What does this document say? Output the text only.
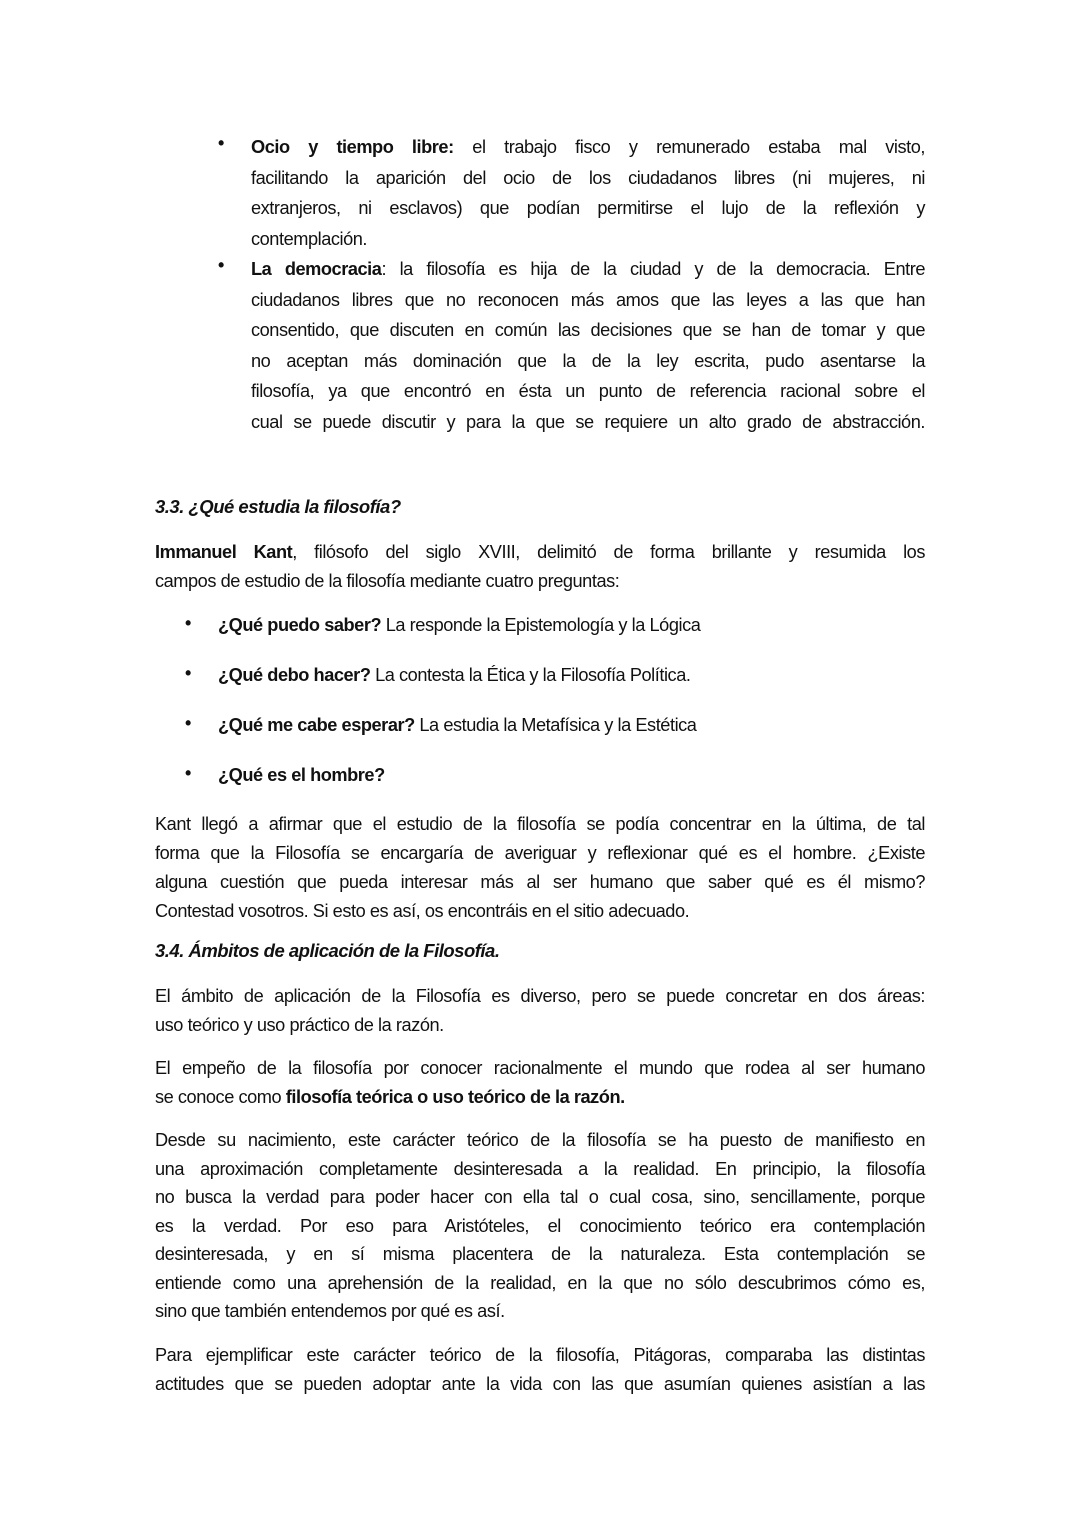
• Ocio y tiempo libre: el trabajo fisco y remunerado estaba mal visto,
facilitando la aparición del ocio de los ciudadanos libres (ni mujeres, ni
extranjeros, ni esclavos) que podían permitirse el lujo de la reflexión y
contemplación.
• La democracia: la filosofía es hija de la ciudad y de la democracia. Entre
ciudadanos libres que no reconocen más amos que las leyes a las que han
consentido, que discuten en común las decisiones que se han de tomar y que
no aceptan más dominación que la de la ley escrita, pudo asentarse la
filosofía, ya que encontró en ésta un punto de referencia racional sobre el
cual se puede discutir y para la que se requiere un alto grado de abstracción.
3.3. ¿Qué estudia la filosofía?
Immanuel Kant, filósofo del siglo XVIII, delimitó de forma brillante y resumida los
campos de estudio de la filosofía mediante cuatro preguntas:
• ¿Qué puedo saber? La responde la Epistemología y la Lógica
• ¿Qué debo hacer? La contesta la Ética y la Filosofía Política.
• ¿Qué me cabe esperar? La estudia la Metafísica y la Estética
• ¿Qué es el hombre?
Kant llegó a afirmar que el estudio de la filosofía se podía concentrar en la última, de tal
forma que la Filosofía se encargaría de averiguar y reflexionar qué es el hombre. ¿Existe
alguna cuestión que pueda interesar más al ser humano que saber qué es él mismo?
Contestad vosotros. Si esto es así, os encontráis en el sitio adecuado.
3.4. Ámbitos de aplicación de la Filosofía.
El ámbito de aplicación de la Filosofía es diverso, pero se puede concretar en dos áreas:
uso teórico y uso práctico de la razón.
El empeño de la filosofía por conocer racionalmente el mundo que rodea al ser humano
se conoce como filosofía teórica o uso teórico de la razón.
Desde su nacimiento, este carácter teórico de la filosofía se ha puesto de manifiesto en
una aproximación completamente desinteresada a la realidad. En principio, la filosofía
no busca la verdad para poder hacer con ella tal o cual cosa, sino, sencillamente, porque
es la verdad. Por eso para Aristóteles, el conocimiento teórico era contemplación
desinteresada, y en sí misma placentera de la naturaleza. Esta contemplación se
entiende como una aprehensión de la realidad, en la que no sólo descubrimos cómo es,
sino que también entendemos por qué es así.
Para ejemplificar este carácter teórico de la filosofía, Pitágoras, comparaba las distintas
actitudes que se pueden adoptar ante la vida con las que asumían quienes asistían a las
